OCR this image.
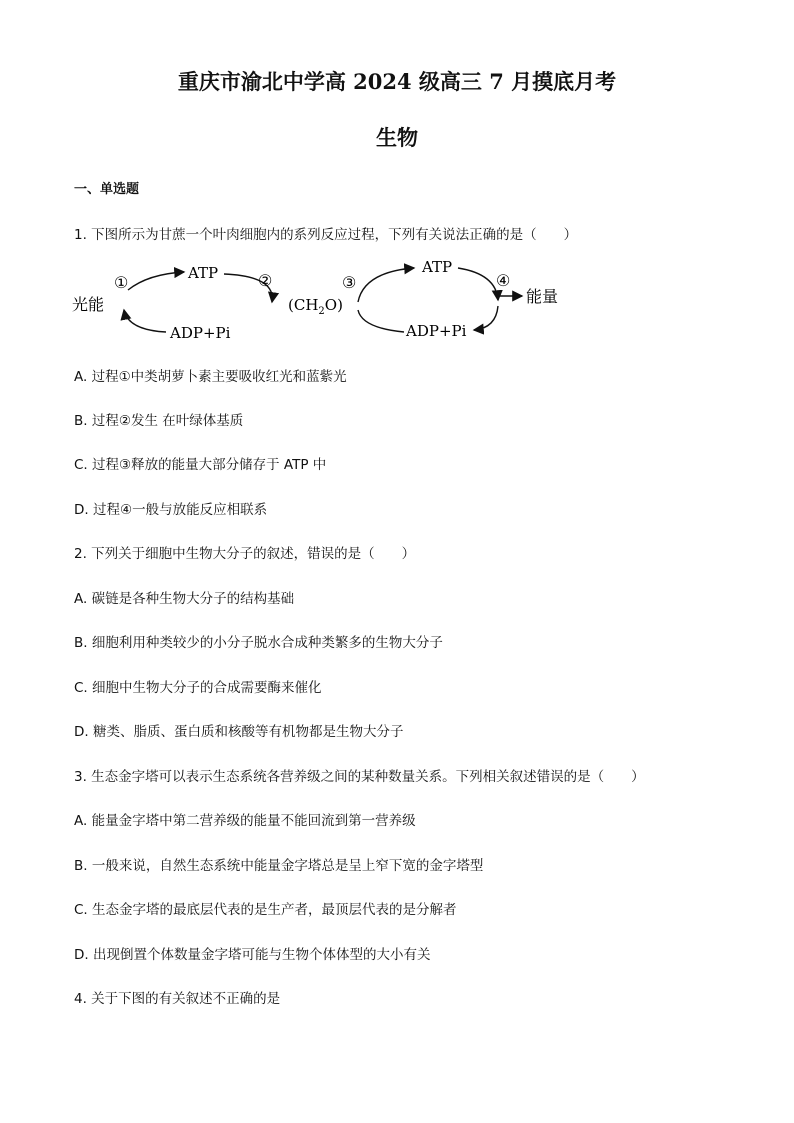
重庆市渝北中学高 2024 级高三 7 月摸底月考
生物
一、单选题
1. 下图所示为甘蔗一个叶肉细胞内的系列反应过程，下列有关说法正确的是（　　）
光能
①	ATP ②
ADP+Pi
$(CH_2O)$
③
ATP
④
ADP+Pi
能量
A. 过程①中类胡萝卜素主要吸收红光和蓝紫光
B. 过程②发生 在叶绿体基质
C. 过程③释放的能量大部分储存于 ATP 中
D. 过程④一般与放能反应相联系
2. 下列关于细胞中生物大分子的叙述，错误的是（　　）
A. 碳链是各种生物大分子的结构基础
B. 细胞利用种类较少的小分子脱水合成种类繁多的生物大分子
C. 细胞中生物大分子的合成需要酶来催化
D. 糖类、脂质、蛋白质和核酸等有机物都是生物大分子
3. 生态金字塔可以表示生态系统各营养级之间的某种数量关系。下列相关叙述错误的是（　　）
A. 能量金字塔中第二营养级的能量不能回流到第一营养级
B. 一般来说，自然生态系统中能量金字塔总是呈上窄下宽的金字塔型
C. 生态金字塔的最底层代表的是生产者，最顶层代表的是分解者
D. 出现倒置个体数量金字塔可能与生物个体体型的大小有关
4. 关于下图的有关叙述不正确的是
